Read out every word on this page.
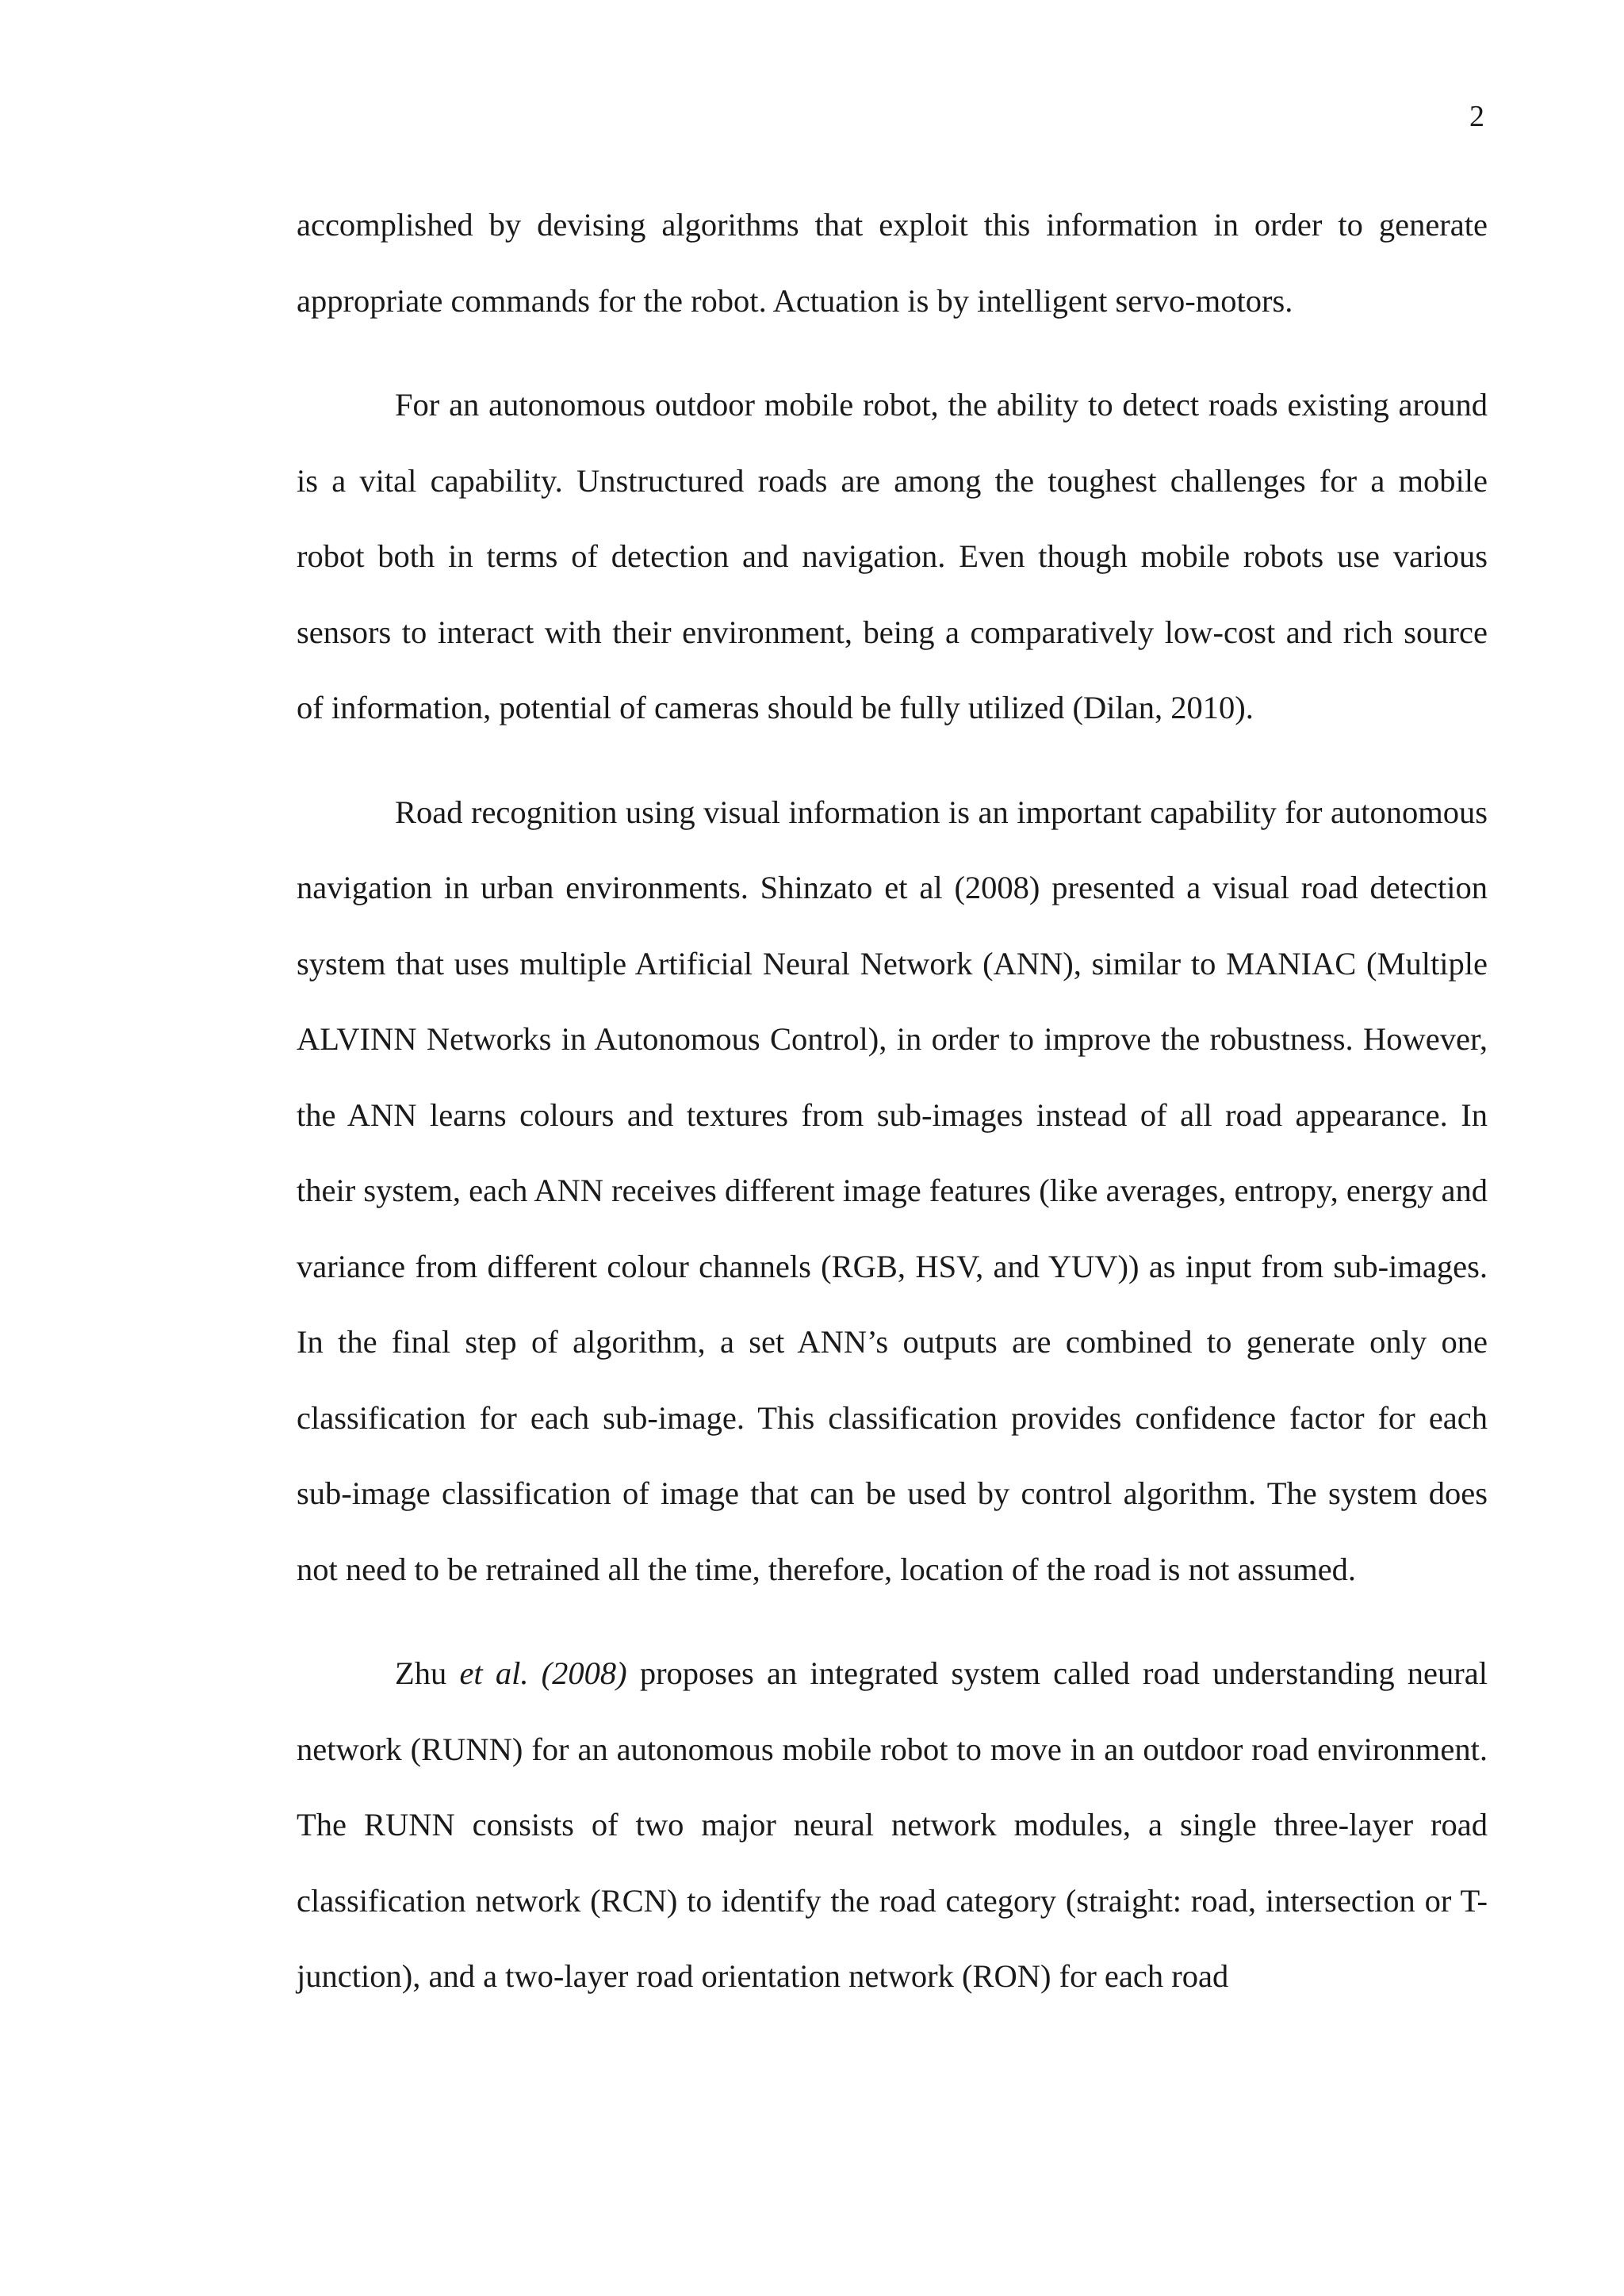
2

accomplished by devising algorithms that exploit this information in order to generate appropriate commands for the robot. Actuation is by intelligent servo-motors.

For an autonomous outdoor mobile robot, the ability to detect roads existing around is a vital capability. Unstructured roads are among the toughest challenges for a mobile robot both in terms of detection and navigation. Even though mobile robots use various sensors to interact with their environment, being a comparatively low-cost and rich source of information, potential of cameras should be fully utilized (Dilan, 2010).

Road recognition using visual information is an important capability for autonomous navigation in urban environments. Shinzato et al (2008) presented a visual road detection system that uses multiple Artificial Neural Network (ANN), similar to MANIAC (Multiple ALVINN Networks in Autonomous Control), in order to improve the robustness. However, the ANN learns colours and textures from sub-images instead of all road appearance. In their system, each ANN receives different image features (like averages, entropy, energy and variance from different colour channels (RGB, HSV, and YUV)) as input from sub-images. In the final step of algorithm, a set ANN’s outputs are combined to generate only one classification for each sub-image. This classification provides confidence factor for each sub-image classification of image that can be used by control algorithm. The system does not need to be retrained all the time, therefore, location of the road is not assumed.

Zhu et al. (2008) proposes an integrated system called road understanding neural network (RUNN) for an autonomous mobile robot to move in an outdoor road environment. The RUNN consists of two major neural network modules, a single three-layer road classification network (RCN) to identify the road category (straight: road, intersection or T-junction), and a two-layer road orientation network (RON) for each road
